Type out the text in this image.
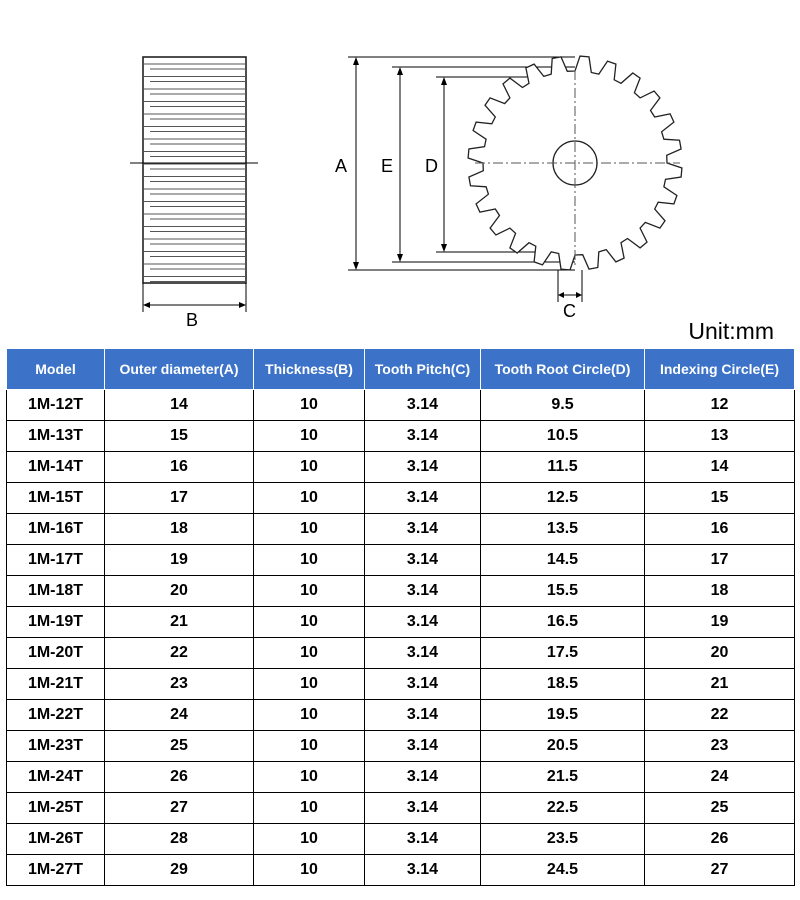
B
A E D
C
Unit:mm
Model	Outer diameter(A)	Thickness(B)	Tooth Pitch(C)	Tooth Root Circle(D)	Indexing Circle(E)
1M-12T	14	10	3.14	9.5	12
1M-13T	15	10	3.14	10.5	13
1M-14T	16	10	3.14	11.5	14
1M-15T	17	10	3.14	12.5	15
1M-16T	18	10	3.14	13.5	16
1M-17T	19	10	3.14	14.5	17
1M-18T	20	10	3.14	15.5	18
1M-19T	21	10	3.14	16.5	19
1M-20T	22	10	3.14	17.5	20
1M-21T	23	10	3.14	18.5	21
1M-22T	24	10	3.14	19.5	22
1M-23T	25	10	3.14	20.5	23
1M-24T	26	10	3.14	21.5	24
1M-25T	27	10	3.14	22.5	25
1M-26T	28	10	3.14	23.5	26
1M-27T	29	10	3.14	24.5	27
